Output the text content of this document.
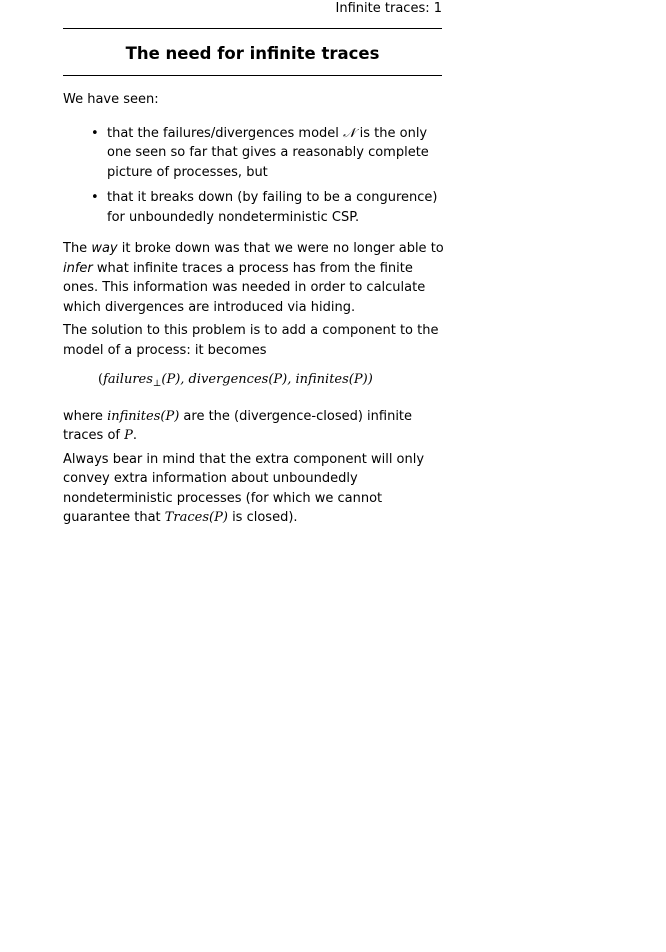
Infinite traces: 1
The need for infinite traces

We have seen:

• that the failures/divergences model 𝒩 is the only one seen so far that gives a reasonably complete picture of processes, but
• that it breaks down (by failing to be a congurence) for unboundedly nondeterministic CSP.

The way it broke down was that we were no longer able to infer what infinite traces a process has from the finite ones. This information was needed in order to calculate which divergences are introduced via hiding.

The solution to this problem is to add a component to the model of a process: it becomes

(failures$_\perp$(P), divergences(P), infinites(P))

where infinites(P) are the (divergence-closed) infinite traces of P.

Always bear in mind that the extra component will only convey extra information about unboundedly nondeterministic processes (for which we cannot guarantee that Traces(P) is closed).
